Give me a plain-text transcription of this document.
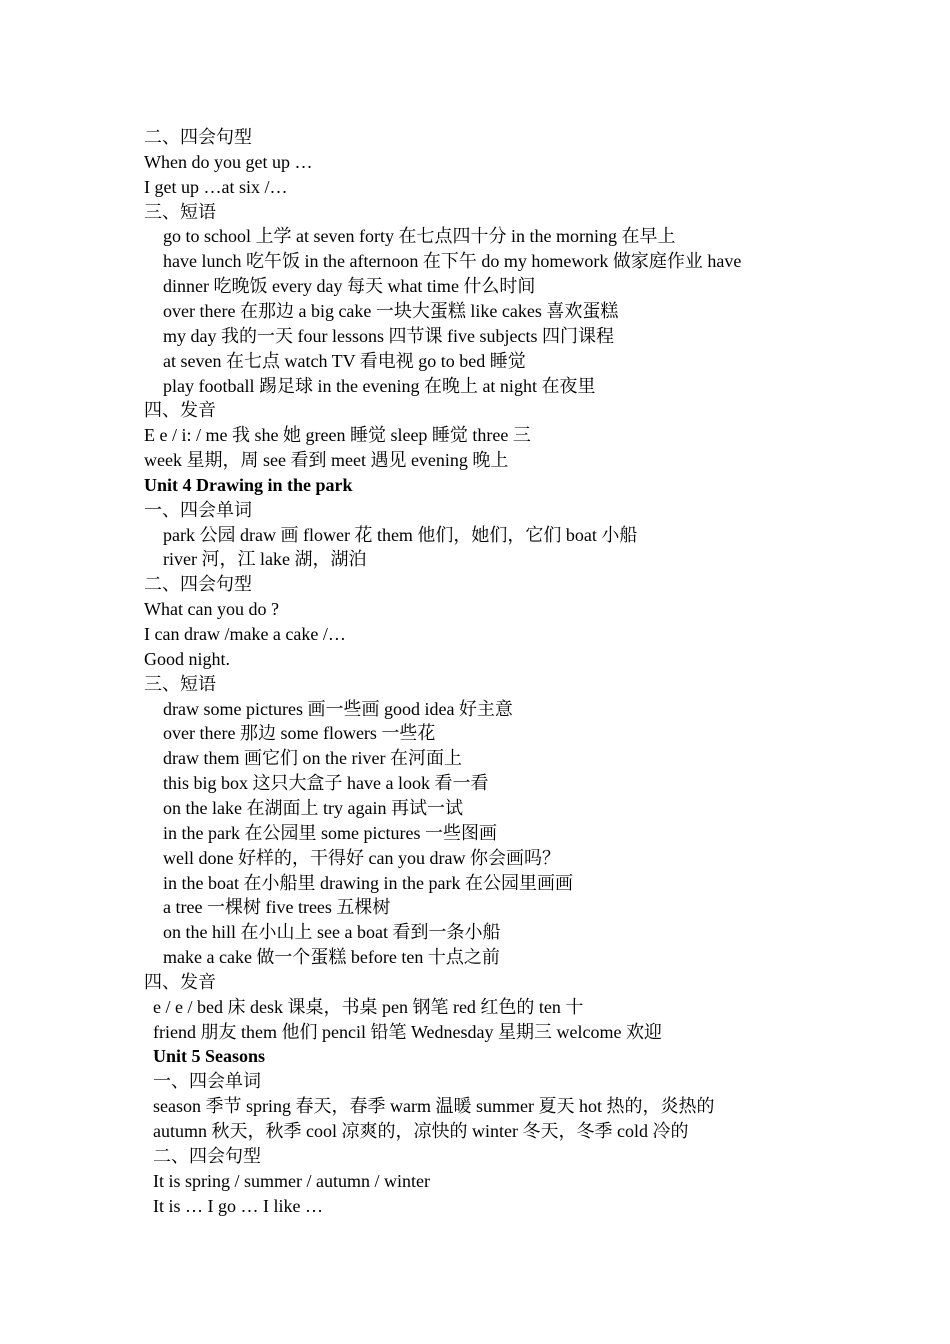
二、四会句型
When do you get up …
I get up …at six /…
三、短语
go to school 上学 at seven forty 在七点四十分 in the morning 在早上
have lunch 吃午饭 in the afternoon 在下午 do my homework 做家庭作业 have
dinner 吃晚饭 every day 每天 what time 什么时间
over there 在那边 a big cake 一块大蛋糕 like cakes 喜欢蛋糕
my day 我的一天 four lessons 四节课 five subjects 四门课程
at seven 在七点 watch TV 看电视 go to bed 睡觉
play football 踢足球 in the evening 在晚上 at night 在夜里
四、发音
E e / i: / me 我 she 她 green 睡觉 sleep 睡觉 three 三
week 星期，周 see 看到 meet 遇见 evening 晚上
Unit 4 Drawing in the park
一、四会单词
park 公园 draw 画 flower 花 them 他们，她们，它们 boat 小船
river 河，江 lake 湖，湖泊
二、四会句型
What can you do ?
I can draw /make a cake /…
Good night.
三、短语
draw some pictures 画一些画 good idea 好主意
over there 那边 some flowers 一些花
draw them 画它们 on the river 在河面上
this big box 这只大盒子 have a look 看一看
on the lake 在湖面上 try again 再试一试
in the park 在公园里 some pictures 一些图画
well done 好样的，干得好 can you draw 你会画吗？
in the boat 在小船里 drawing in the park 在公园里画画
a tree 一棵树 five trees 五棵树
on the hill 在小山上 see a boat 看到一条小船
make a cake 做一个蛋糕 before ten 十点之前
四、发音
e / e / bed 床 desk 课桌，书桌 pen 钢笔 red 红色的 ten 十
friend 朋友 them 他们 pencil 铅笔 Wednesday 星期三 welcome 欢迎
Unit 5 Seasons
一、四会单词
season 季节 spring 春天，春季 warm 温暖 summer 夏天 hot 热的，炎热的
autumn 秋天，秋季 cool 凉爽的，凉快的 winter 冬天，冬季 cold 冷的
二、四会句型
It is spring / summer / autumn / winter
It is … I go … I like …
